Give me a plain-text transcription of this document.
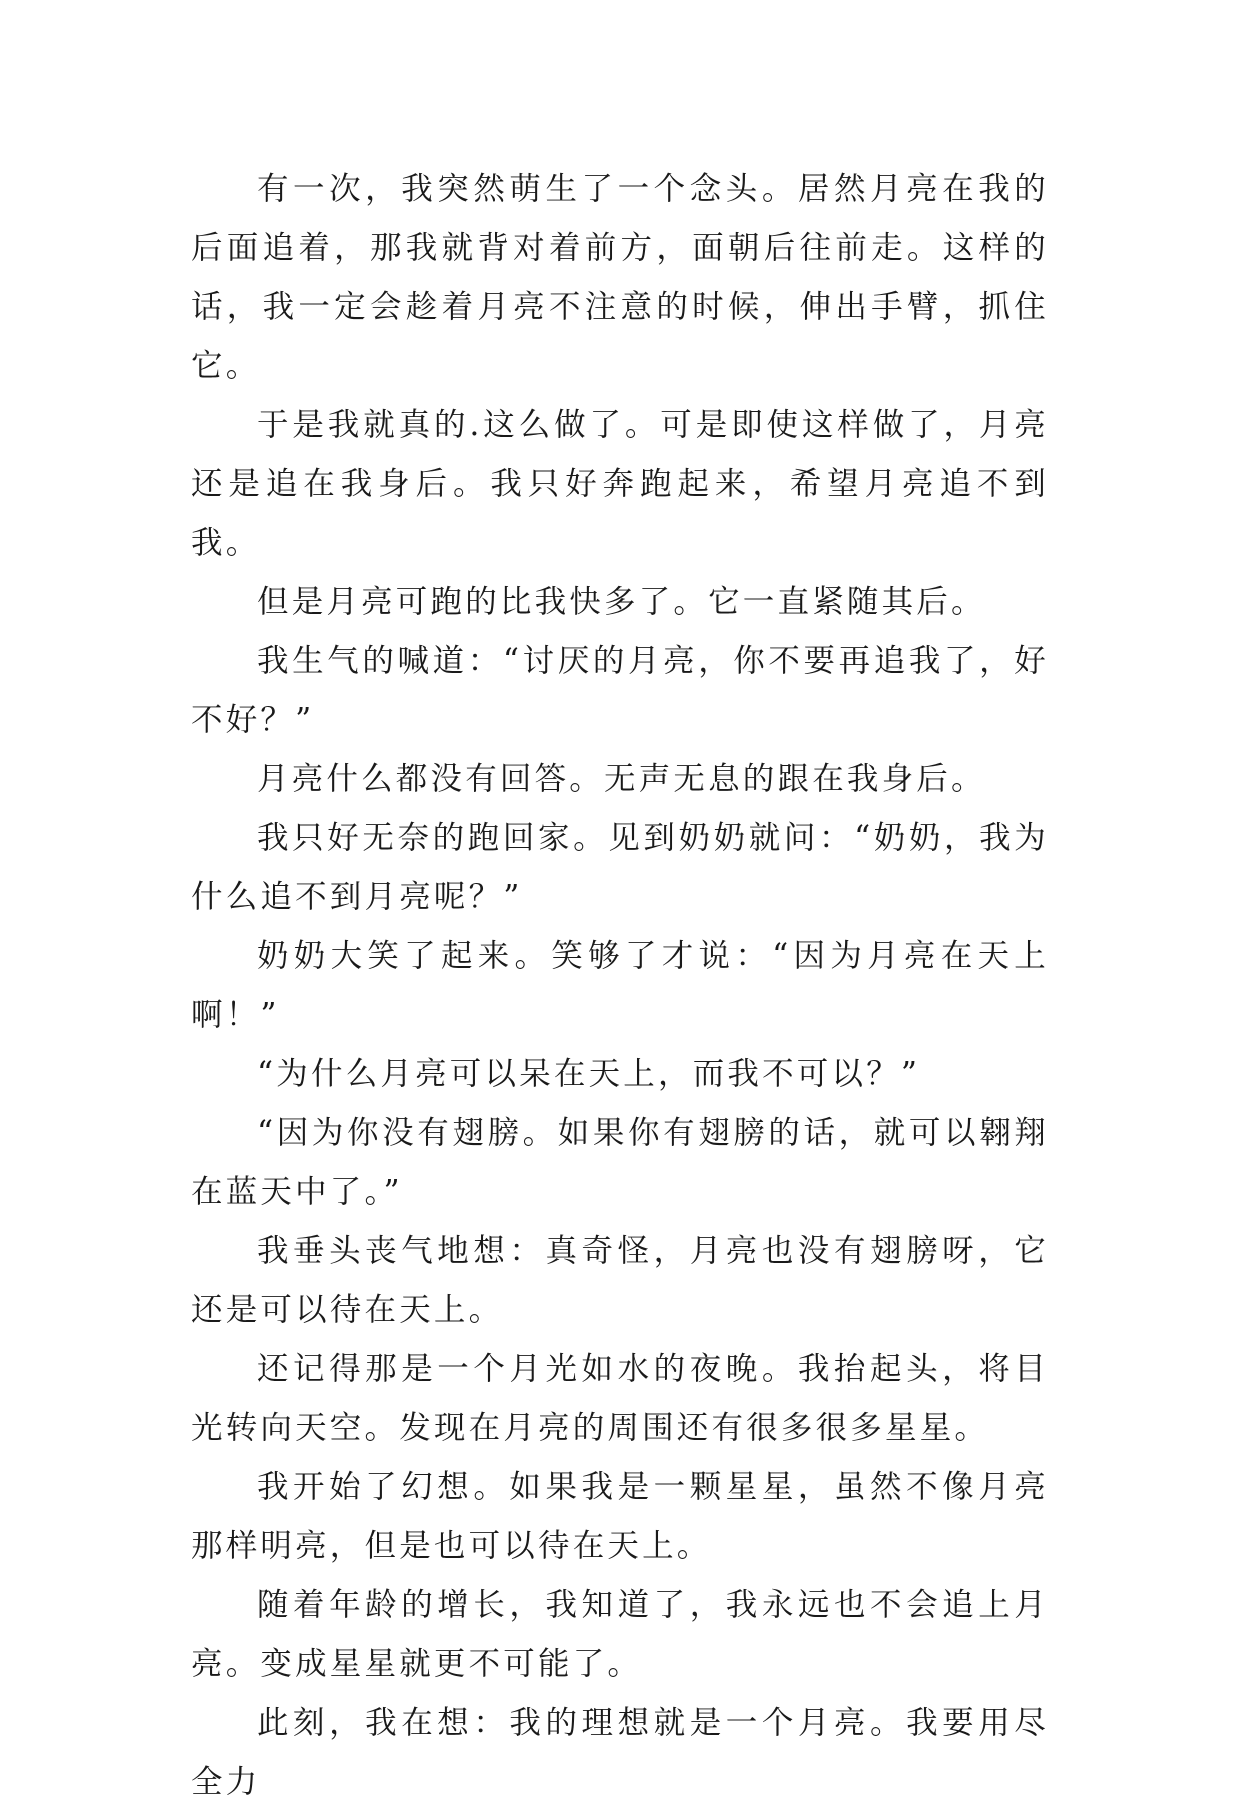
有一次，我突然萌生了一个念头。居然月亮在我的后面追着，那我就背对着前方，面朝后往前走。这样的话，我一定会趁着月亮不注意的时候，伸出手臂，抓住它。

于是我就真的.这么做了。可是即使这样做了，月亮还是追在我身后。我只好奔跑起来，希望月亮追不到我。

但是月亮可跑的比我快多了。它一直紧随其后。

我生气的喊道：“讨厌的月亮，你不要再追我了，好不好？”

月亮什么都没有回答。无声无息的跟在我身后。

我只好无奈的跑回家。见到奶奶就问：“奶奶，我为什么追不到月亮呢？”

奶奶大笑了起来。笑够了才说：“因为月亮在天上啊！”

“为什么月亮可以呆在天上，而我不可以？”

“因为你没有翅膀。如果你有翅膀的话，就可以翱翔在蓝天中了。”

我垂头丧气地想：真奇怪，月亮也没有翅膀呀，它还是可以待在天上。

还记得那是一个月光如水的夜晚。我抬起头，将目光转向天空。发现在月亮的周围还有很多很多星星。

我开始了幻想。如果我是一颗星星，虽然不像月亮那样明亮，但是也可以待在天上。

随着年龄的增长，我知道了，我永远也不会追上月亮。变成星星就更不可能了。

此刻，我在想：我的理想就是一个月亮。我要用尽全力
